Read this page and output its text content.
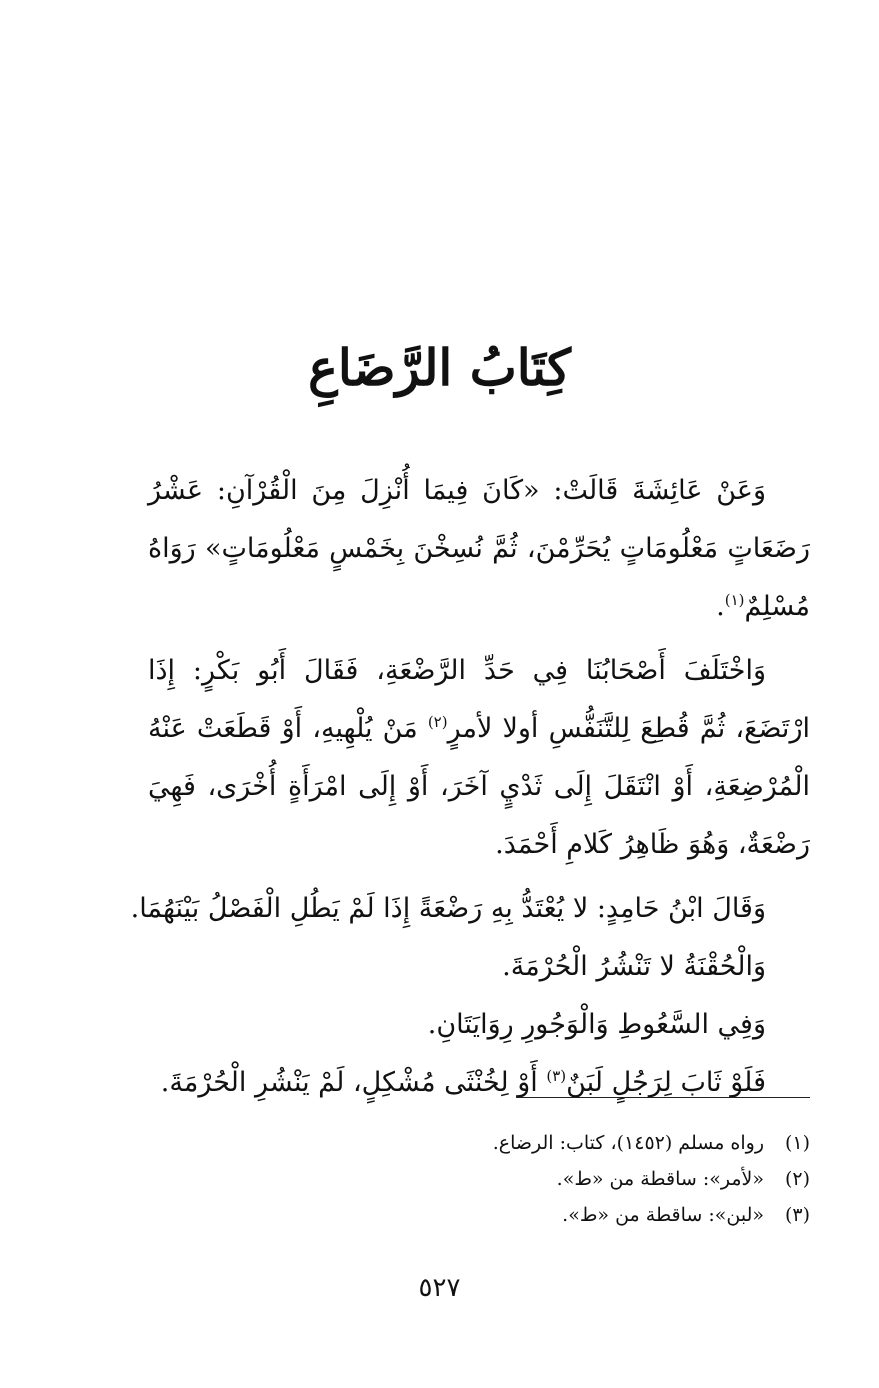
كِتَابُ الرَّضَاعِ

وَعَنْ عَائِشَةَ قَالَتْ: «كَانَ فِيمَا أُنْزِلَ مِنَ الْقُرْآنِ: عَشْرُ رَضَعَاتٍ مَعْلُومَاتٍ يُحَرِّمْنَ، ثُمَّ نُسِخْنَ بِخَمْسٍ مَعْلُومَاتٍ» رَوَاهُ مُسْلِمٌ$^{(١)}$.

وَاخْتَلَفَ أَصْحَابُنَا فِي حَدِّ الرَّضْعَةِ، فَقَالَ أَبُو بَكْرٍ: إِذَا ارْتَضَعَ، ثُمَّ قُطِعَ لِلتَّنَفُّسِ أولا لأمرٍ$^{(٢)}$ مَنْ يُلْهِيهِ، أَوْ قَطَعَتْ عَنْهُ الْمُرْضِعَةِ، أَوْ انْتَقَلَ إِلَى ثَدْيٍ آخَرَ، أَوْ إِلَى امْرَأَةٍ أُخْرَى، فَهِيَ رَضْعَةٌ، وَهُوَ ظَاهِرُ كَلامِ أَحْمَدَ.

وَقَالَ ابْنُ حَامِدٍ: لا يُعْتَدُّ بِهِ رَضْعَةً إِذَا لَمْ يَطُلِ الْفَصْلُ بَيْنَهُمَا.

وَالْحُقْنَةُ لا تَنْشُرُ الْحُرْمَةَ.

وَفِي السَّعُوطِ وَالْوَجُورِ رِوَايَتَانِ.

فَلَوْ ثَابَ لِرَجُلٍ لَبَنٌ$^{(٣)}$ أَوْ لِخُنْثَى مُشْكِلٍ، لَمْ يَنْشُرِ الْحُرْمَةَ.

(١)رواه مسلم (١٤٥٢)، كتاب: الرضاع.
(٢)«لأمر»: ساقطة من «ط».
(٣)«لبن»: ساقطة من «ط».
٥٢٧
